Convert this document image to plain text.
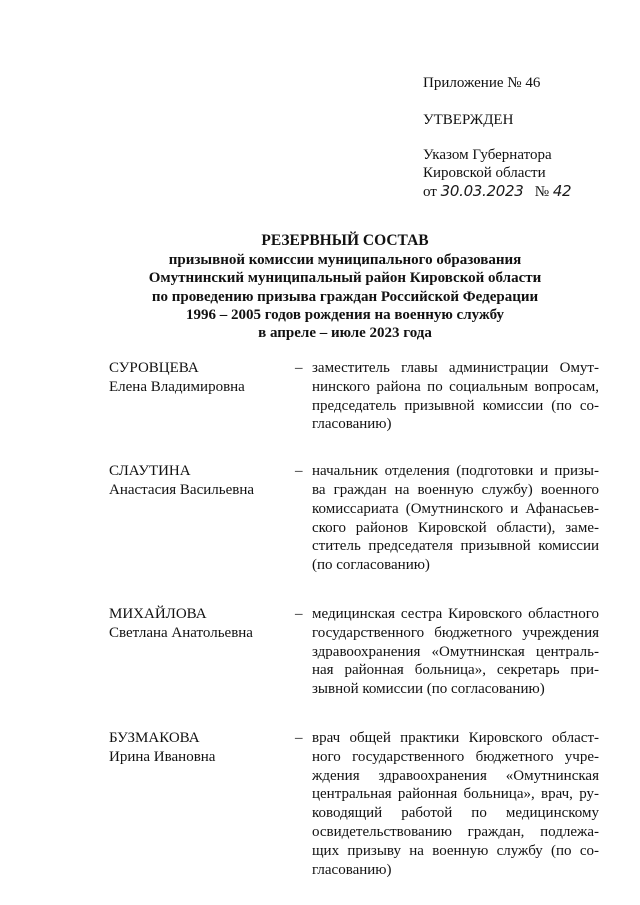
Приложение № 46
УТВЕРЖДЕН
Указом Губернатора
Кировской области
от 30.03.2023 № 42
РЕЗЕРВНЫЙ СОСТАВ
призывной комиссии муниципального образования
Омутнинский муниципальный район Кировской области
по проведению призыва граждан Российской Федерации
1996 – 2005 годов рождения на военную службу
в апреле – июле 2023 года
СУРОВЦЕВА
Елена Владимировна
– заместитель главы администрации Омут-
нинского района по социальным вопросам,
председатель призывной комиссии (по со-
гласованию)
СЛАУТИНА
Анастасия Васильевна
– начальник отделения (подготовки и призы-
ва граждан на военную службу) военного
комиссариата (Омутнинского и Афанасьев-
ского районов Кировской области), заме-
ститель председателя призывной комиссии
(по согласованию)
МИХАЙЛОВА
Светлана Анатольевна
– медицинская сестра Кировского областного
государственного бюджетного учреждения
здравоохранения «Омутнинская централь-
ная районная больница», секретарь при-
зывной комиссии (по согласованию)
БУЗМАКОВА
Ирина Ивановна
– врач общей практики Кировского област-
ного государственного бюджетного учре-
ждения здравоохранения «Омутнинская
центральная районная больница», врач, ру-
ководящий работой по медицинскому
освидетельствованию граждан, подлежа-
щих призыву на военную службу (по со-
гласованию)
